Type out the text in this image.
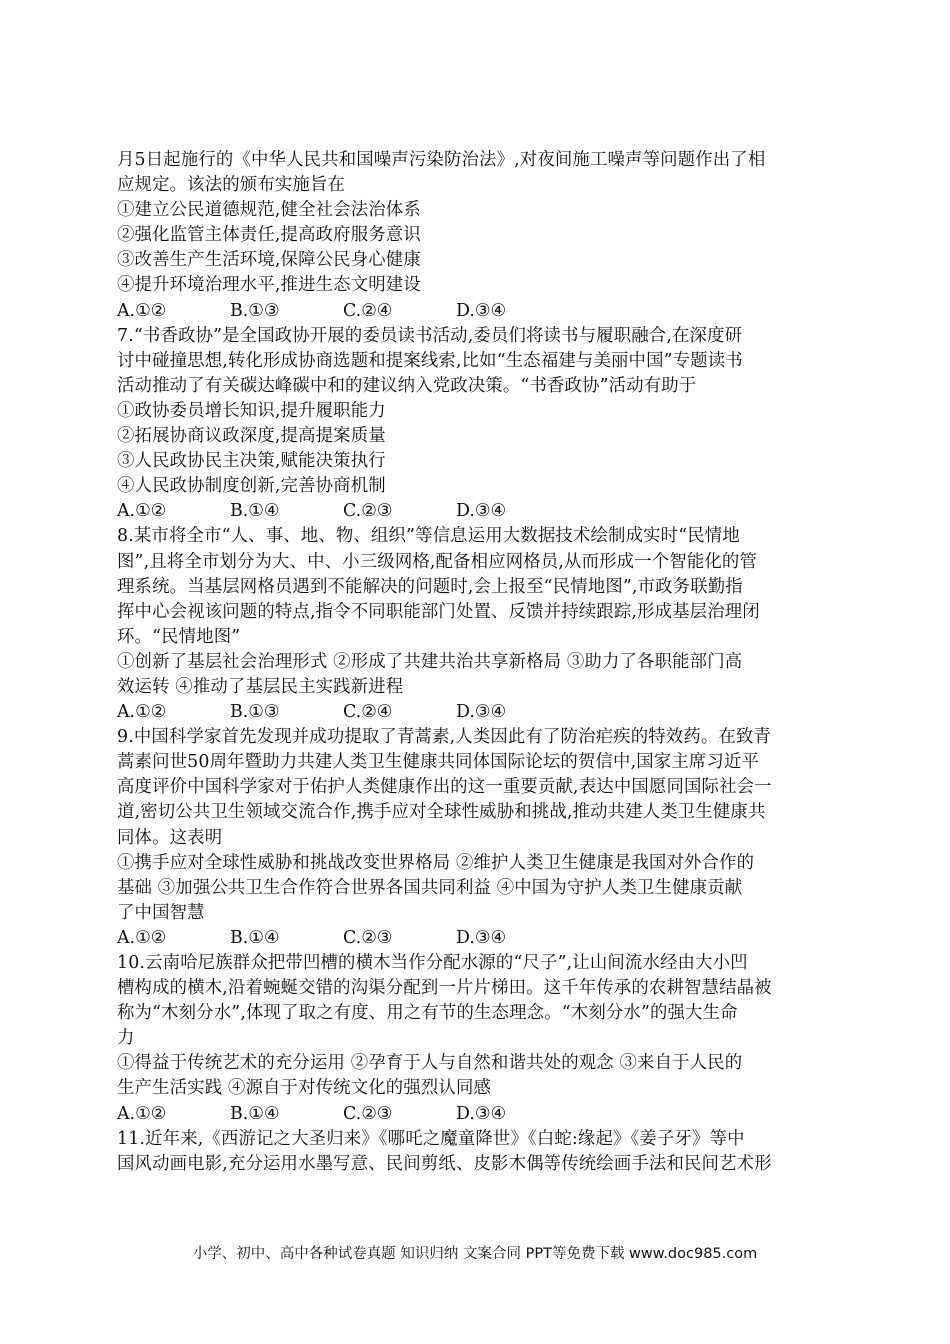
月5日起施行的《中华人民共和国噪声污染防治法》,对夜间施工噪声等问题作出了相
应规定。该法的颁布实施旨在
①建立公民道德规范,健全社会法治体系
②强化监管主体责任,提高政府服务意识
③改善生产生活环境,保障公民身心健康
④提升环境治理水平,推进生态文明建设
A.①②	B.①③	C.②④	D.③④
7.“书香政协”是全国政协开展的委员读书活动,委员们将读书与履职融合,在深度研
讨中碰撞思想,转化形成协商选题和提案线索,比如“生态福建与美丽中国”专题读书
活动推动了有关碳达峰碳中和的建议纳入党政决策。“书香政协”活动有助于
①政协委员增长知识,提升履职能力
②拓展协商议政深度,提高提案质量
③人民政协民主决策,赋能决策执行
④人民政协制度创新,完善协商机制
A.①②	B.①④	C.②③	D.③④
8.某市将全市“人、事、地、物、组织”等信息运用大数据技术绘制成实时“民情地
图”,且将全市划分为大、中、小三级网格,配备相应网格员,从而形成一个智能化的管
理系统。当基层网格员遇到不能解决的问题时,会上报至“民情地图”,市政务联勤指
挥中心会视该问题的特点,指令不同职能部门处置、反馈并持续跟踪,形成基层治理闭
环。“民情地图”
①创新了基层社会治理形式 ②形成了共建共治共享新格局 ③助力了各职能部门高
效运转 ④推动了基层民主实践新进程
A.①②	B.①③	C.②④	D.③④
9.中国科学家首先发现并成功提取了青蒿素,人类因此有了防治疟疾的特效药。在致青
蒿素问世50周年暨助力共建人类卫生健康共同体国际论坛的贺信中,国家主席习近平
高度评价中国科学家对于佑护人类健康作出的这一重要贡献,表达中国愿同国际社会一
道,密切公共卫生领域交流合作,携手应对全球性威胁和挑战,推动共建人类卫生健康共
同体。这表明
①携手应对全球性威胁和挑战改变世界格局 ②维护人类卫生健康是我国对外合作的
基础 ③加强公共卫生合作符合世界各国共同利益 ④中国为守护人类卫生健康贡献
了中国智慧
A.①②	B.①④	C.②③	D.③④
10.云南哈尼族群众把带凹槽的横木当作分配水源的“尺子”,让山间流水经由大小凹
槽构成的横木,沿着蜿蜒交错的沟渠分配到一片片梯田。这千年传承的农耕智慧结晶被
称为“木刻分水”,体现了取之有度、用之有节的生态理念。“木刻分水”的强大生命
力
①得益于传统艺术的充分运用 ②孕育于人与自然和谐共处的观念 ③来自于人民的
生产生活实践 ④源自于对传统文化的强烈认同感
A.①②	B.①④	C.②③	D.③④
11.近年来,《西游记之大圣归来》《哪吒之魔童降世》《白蛇:缘起》《姜子牙》等中
国风动画电影,充分运用水墨写意、民间剪纸、皮影木偶等传统绘画手法和民间艺术形
小学、初中、高中各种试卷真题 知识归纳 文案合同 PPT等免费下载 www.doc985.com
